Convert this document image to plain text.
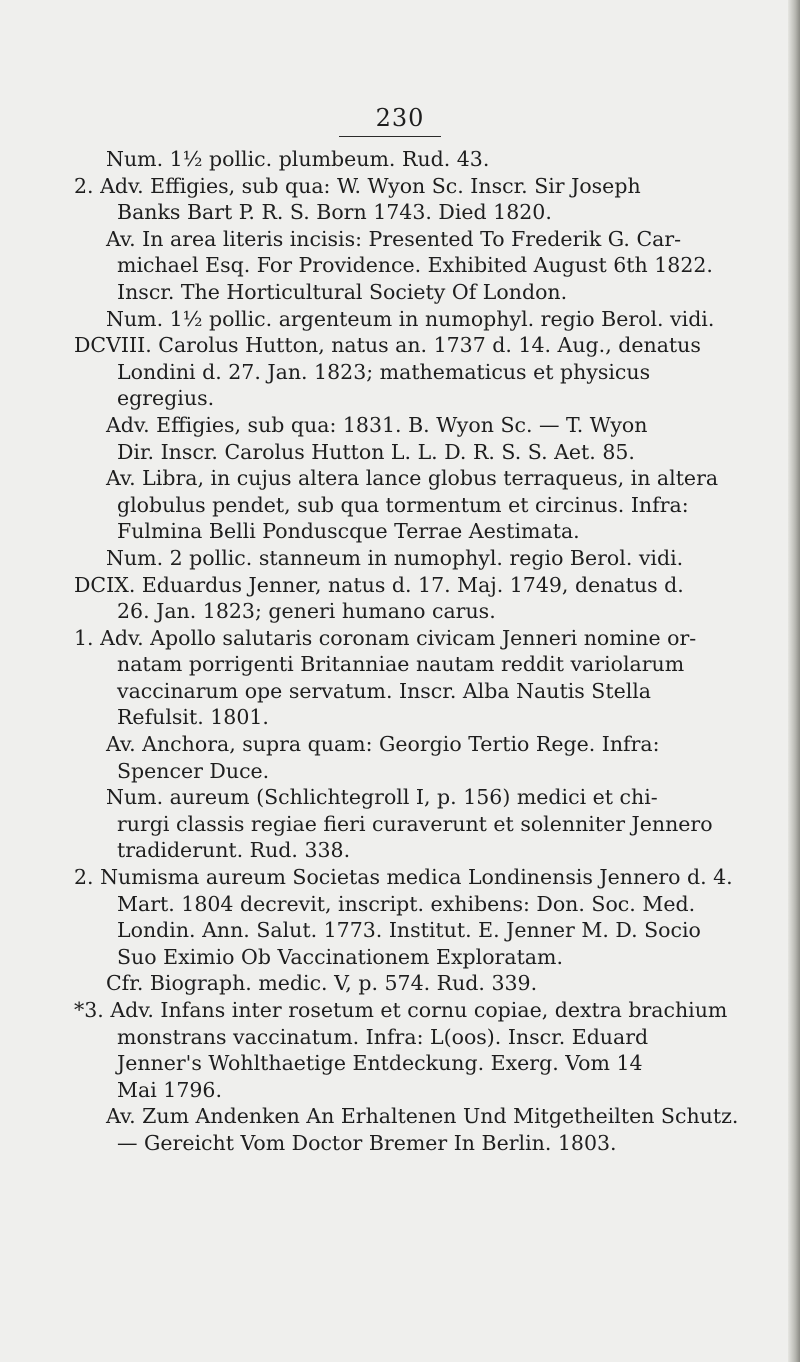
230
Num. 1½ pollic. plumbeum. Rud. 43.
2. Adv. Effigies, sub qua: W. Wyon Sc. Inscr. Sir Joseph
Banks Bart P. R. S. Born 1743. Died 1820.
Av. In area literis incisis: Presented To Frederik G. Car-
michael Esq. For Providence. Exhibited August 6th 1822.
Inscr. The Horticultural Society Of London.
Num. 1½ pollic. argenteum in numophyl. regio Berol. vidi.
DCVIII. Carolus Hutton, natus an. 1737 d. 14. Aug., denatus
Londini d. 27. Jan. 1823; mathematicus et physicus
egregius.
Adv. Effigies, sub qua: 1831. B. Wyon Sc. — T. Wyon
Dir. Inscr. Carolus Hutton L. L. D. R. S. S. Aet. 85.
Av. Libra, in cujus altera lance globus terraqueus, in altera
globulus pendet, sub qua tormentum et circinus. Infra:
Fulmina Belli Ponduscque Terrae Aestimata.
Num. 2 pollic. stanneum in numophyl. regio Berol. vidi.
DCIX. Eduardus Jenner, natus d. 17. Maj. 1749, denatus d.
26. Jan. 1823; generi humano carus.
1. Adv. Apollo salutaris coronam civicam Jenneri nomine or-
natam porrigenti Britanniae nautam reddit variolarum
vaccinarum ope servatum. Inscr. Alba Nautis Stella
Refulsit. 1801.
Av. Anchora, supra quam: Georgio Tertio Rege. Infra:
Spencer Duce.
Num. aureum (Schlichtegroll I, p. 156) medici et chi-
rurgi classis regiae fieri curaverunt et solenniter Jennero
tradiderunt. Rud. 338.
2. Numisma aureum Societas medica Londinensis Jennero d. 4.
Mart. 1804 decrevit, inscript. exhibens: Don. Soc. Med.
Londin. Ann. Salut. 1773. Institut. E. Jenner M. D. Socio
Suo Eximio Ob Vaccinationem Exploratam.
Cfr. Biograph. medic. V, p. 574. Rud. 339.
*3. Adv. Infans inter rosetum et cornu copiae, dextra brachium
monstrans vaccinatum. Infra: L(oos). Inscr. Eduard
Jenner's Wohlthaetige Entdeckung. Exerg. Vom 14
Mai 1796.
Av. Zum Andenken An Erhaltenen Und Mitgetheilten Schutz.
— Gereicht Vom Doctor Bremer In Berlin. 1803.
